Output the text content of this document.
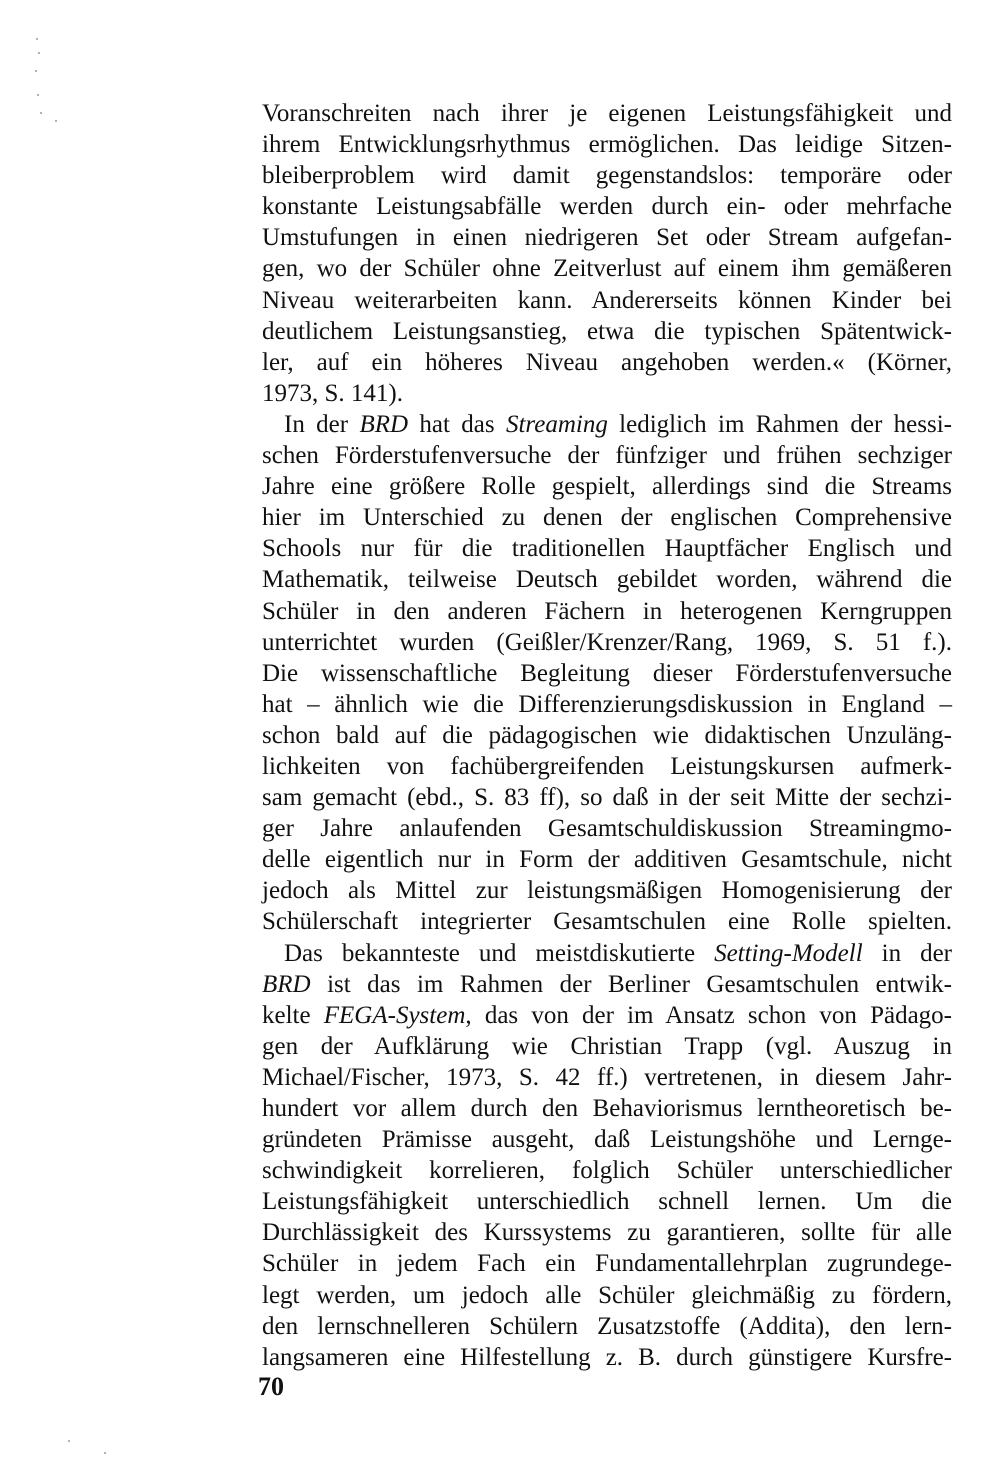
Voranschreiten nach ihrer je eigenen Leistungsfähigkeit und
ihrem Entwicklungsrhythmus ermöglichen. Das leidige Sitzen-
bleiberproblem wird damit gegenstandslos: temporäre oder
konstante Leistungsabfälle werden durch ein- oder mehrfache
Umstufungen in einen niedrigeren Set oder Stream aufgefan-
gen, wo der Schüler ohne Zeitverlust auf einem ihm gemäßeren
Niveau weiterarbeiten kann. Andererseits können Kinder bei
deutlichem Leistungsanstieg, etwa die typischen Spätentwick-
ler, auf ein höheres Niveau angehoben werden.« (Körner,
1973, S. 141).
In der BRD hat das Streaming lediglich im Rahmen der hessi-
schen Förderstufenversuche der fünfziger und frühen sechziger
Jahre eine größere Rolle gespielt, allerdings sind die Streams
hier im Unterschied zu denen der englischen Comprehensive
Schools nur für die traditionellen Hauptfächer Englisch und
Mathematik, teilweise Deutsch gebildet worden, während die
Schüler in den anderen Fächern in heterogenen Kerngruppen
unterrichtet wurden (Geißler/Krenzer/Rang, 1969, S. 51 f.).
Die wissenschaftliche Begleitung dieser Förderstufenversuche
hat – ähnlich wie die Differenzierungsdiskussion in England –
schon bald auf die pädagogischen wie didaktischen Unzuläng-
lichkeiten von fachübergreifenden Leistungskursen aufmerk-
sam gemacht (ebd., S. 83 ff), so daß in der seit Mitte der sechzi-
ger Jahre anlaufenden Gesamtschuldiskussion Streamingmo-
delle eigentlich nur in Form der additiven Gesamtschule, nicht
jedoch als Mittel zur leistungsmäßigen Homogenisierung der
Schülerschaft integrierter Gesamtschulen eine Rolle spielten.
Das bekannteste und meistdiskutierte Setting-Modell in der
BRD ist das im Rahmen der Berliner Gesamtschulen entwik-
kelte FEGA-System, das von der im Ansatz schon von Pädago-
gen der Aufklärung wie Christian Trapp (vgl. Auszug in
Michael/Fischer, 1973, S. 42 ff.) vertretenen, in diesem Jahr-
hundert vor allem durch den Behaviorismus lerntheoretisch be-
gründeten Prämisse ausgeht, daß Leistungshöhe und Lernge-
schwindigkeit korrelieren, folglich Schüler unterschiedlicher
Leistungsfähigkeit unterschiedlich schnell lernen. Um die
Durchlässigkeit des Kurssystems zu garantieren, sollte für alle
Schüler in jedem Fach ein Fundamentallehrplan zugrundege-
legt werden, um jedoch alle Schüler gleichmäßig zu fördern,
den lernschnelleren Schülern Zusatzstoffe (Addita), den lern-
langsameren eine Hilfestellung z. B. durch günstigere Kursfre-
70
